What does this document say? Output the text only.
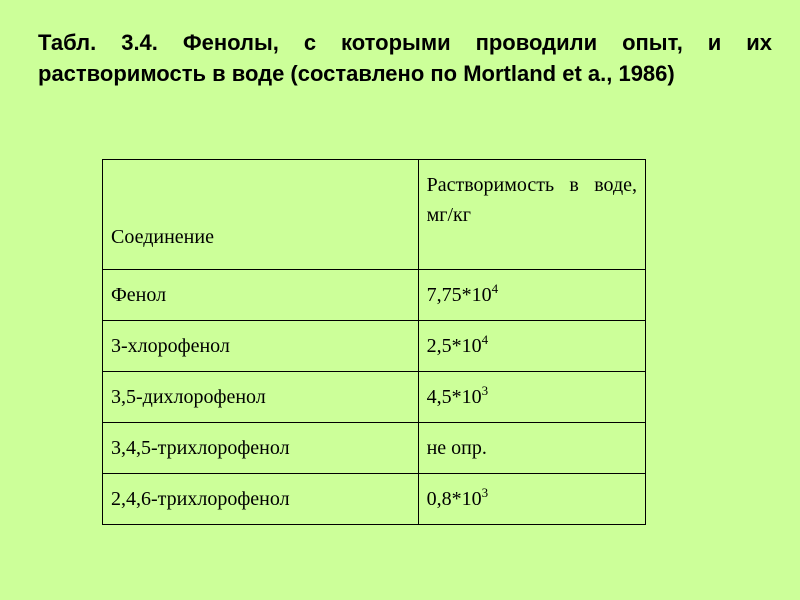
Табл. 3.4. Фенолы, с которыми проводили опыт, и их растворимость в воде (составлено по Mortland et a., 1986)
Соединение	Растворимость в воде, мг/кг
Фенол	$7,75*10^4$
3-хлорофенол	$2,5*10^4$
3,5-дихлорофенол	$4,5*10^3$
3,4,5-трихлорофенол	не опр.
2,4,6-трихлорофенол	$0,8*10^3$
